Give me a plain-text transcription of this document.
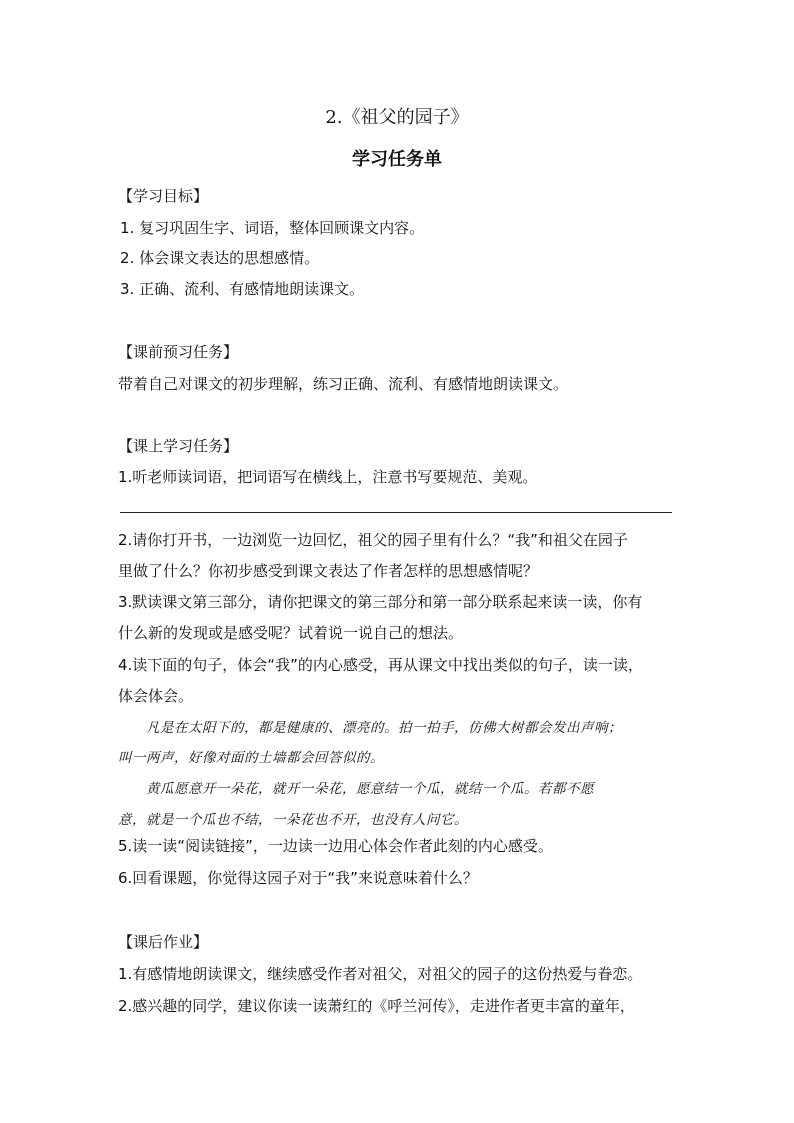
2.《祖父的园子》
学习任务单
【学习目标】
1. 复习巩固生字、词语，整体回顾课文内容。
2. 体会课文表达的思想感情。
3. 正确、流利、有感情地朗读课文。
【课前预习任务】
带着自己对课文的初步理解，练习正确、流利、有感情地朗读课文。
【课上学习任务】
1.听老师读词语，把词语写在横线上，注意书写要规范、美观。
2.请你打开书，一边浏览一边回忆，祖父的园子里有什么？“我”和祖父在园子
里做了什么？你初步感受到课文表达了作者怎样的思想感情呢？
3.默读课文第三部分，请你把课文的第三部分和第一部分联系起来读一读，你有
什么新的发现或是感受呢？试着说一说自己的想法。
4.读下面的句子，体会“我”的内心感受，再从课文中找出类似的句子，读一读，
体会体会。
凡是在太阳下的，都是健康的、漂亮的。拍一拍手，仿佛大树都会发出声响；
叫一两声，好像对面的土墙都会回答似的。
黄瓜愿意开一朵花，就开一朵花，愿意结一个瓜，就结一个瓜。若都不愿
意，就是一个瓜也不结，一朵花也不开，也没有人问它。
5.读一读“阅读链接”，一边读一边用心体会作者此刻的内心感受。
6.回看课题，你觉得这园子对于“我”来说意味着什么？
【课后作业】
1.有感情地朗读课文，继续感受作者对祖父，对祖父的园子的这份热爱与眷恋。
2.感兴趣的同学，建议你读一读萧红的《呼兰河传》，走进作者更丰富的童年，
